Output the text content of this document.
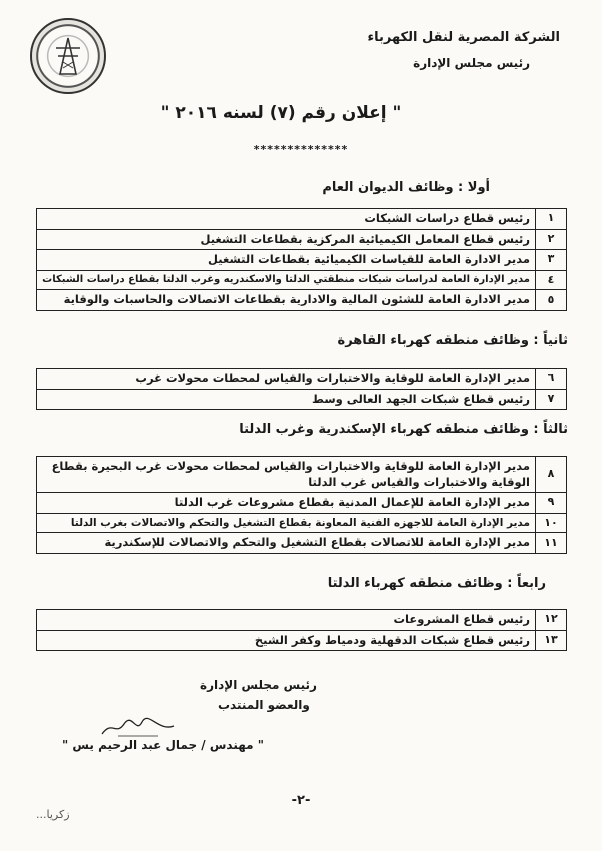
الشركة المصرية لنقل الكهرباء
رئيس مجلس الإدارة
" إعلان رقم (٧) لسنه ٢٠١٦ "
**************
أولا : وظائف الديوان العام
١	رئيس قطاع دراسات الشبكات
٢	رئيس قطاع المعامل الكيميائية المركزية بقطاعات التشغيل
٣	مدير الادارة العامة للقياسات الكيميائية بقطاعات التشغيل
٤	مدير الإدارة العامة لدراسات شبكات منطقتي الدلتا والاسكندريه وغرب الدلتا بقطاع دراسات الشبكات
٥	مدير الادارة العامة للشئون المالية والادارية بقطاعات الاتصالات والحاسبات والوقاية
ثانياً : وظائف منطقه كهرباء القاهرة
٦	مدير الإدارة العامة للوقاية والاختبارات والقياس لمحطات محولات غرب
٧	رئيس قطاع شبكات الجهد العالى وسط
ثالثاً : وظائف منطقه كهرباء الإسكندرية وغرب الدلتا
٨	مدير الإدارة العامة للوقاية والاختبارات والقياس لمحطات محولات غرب البحيرة بقطاع الوقاية والاختبارات والقياس غرب الدلتا
٩	مدير الإدارة العامة للإعمال المدنية بقطاع مشروعات غرب الدلتا
١٠	مدير الإدارة العامة للاجهزه الفنية المعاونة بقطاع التشغيل والتحكم والاتصالات بغرب الدلتا
١١	مدير الإدارة العامة للاتصالات بقطاع التشغيل والتحكم والاتصالات للإسكندرية
رابعاً : وظائف منطقه كهرباء الدلتا
١٢	رئيس قطاع المشروعات
١٣	رئيس قطاع شبكات الدقهلية ودمياط وكفر الشيخ
رئيس مجلس الإدارة
والعضو المنتدب
" مهندس / جمال عبد الرحيم يس "
-٢-
زكريا...
